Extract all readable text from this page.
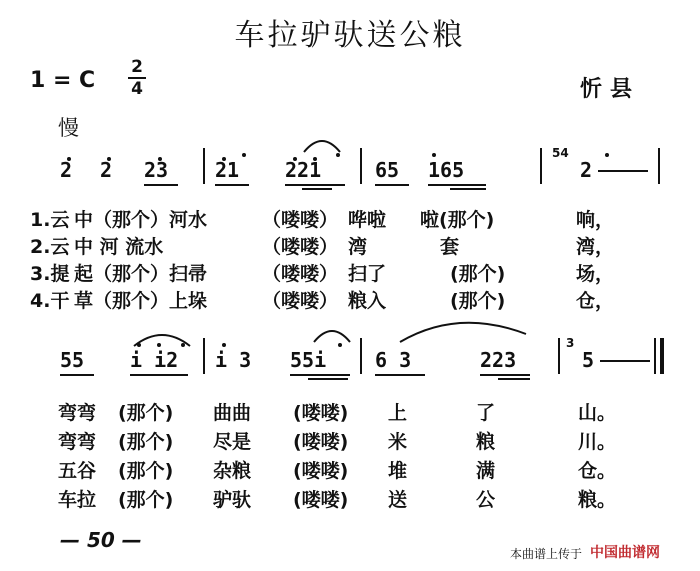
车拉驴驮送公粮
1 = C
2
4	忻县
慢
2 2 23 21 221	65 165
54
2
1.云 中（那个）河水	（喽喽） 哗啦 啦(那个)	响，
2.云 中 河 流水	（喽喽） 湾	套	湾，
3.提 起（那个）扫帚	（喽喽） 扫了	(那个)	场，
4.干 草（那个）上垛	（喽喽） 粮入	(那个)	仓，
55 i i2 i 3 55i 6 3	223
3
5
弯弯 (那个) 曲曲 (喽喽) 上	了	山。
弯弯 (那个) 尽是 (喽喽) 米	粮	川。
五谷 (那个) 杂粮 (喽喽) 堆	满	仓。
车拉 (那个) 驴驮 (喽喽) 送	公	粮。
— 50 —
本曲谱上传于 中国曲谱网
